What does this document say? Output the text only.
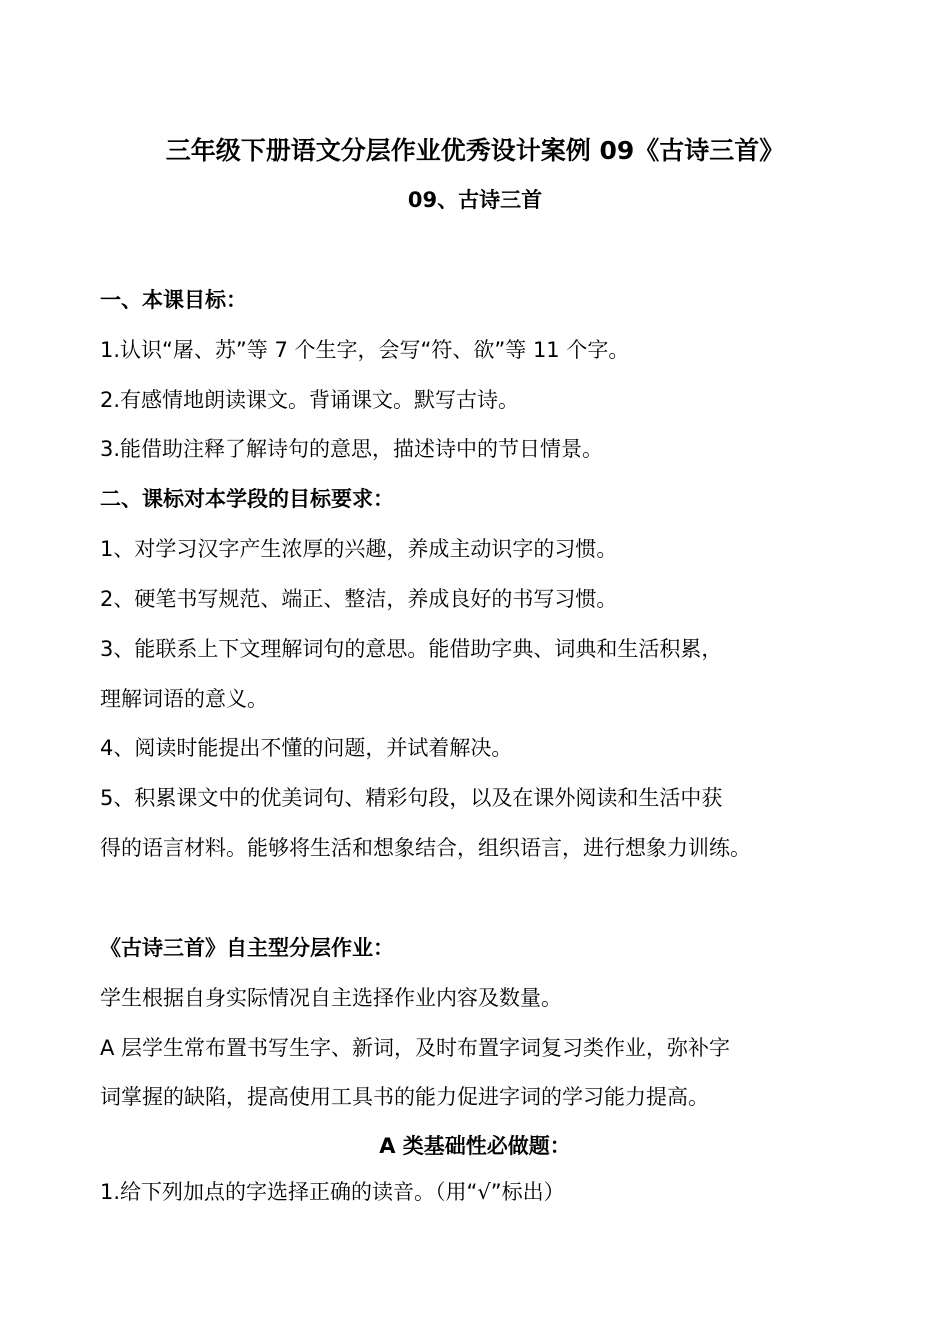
三年级下册语文分层作业优秀设计案例 09《古诗三首》
09、古诗三首
一、本课目标：
1.认识“屠、苏”等 7 个生字，会写“符、欲”等 11 个字。
2.有感情地朗读课文。背诵课文。默写古诗。
3.能借助注释了解诗句的意思，描述诗中的节日情景。
二、课标对本学段的目标要求：
1、对学习汉字产生浓厚的兴趣，养成主动识字的习惯。
2、硬笔书写规范、端正、整洁，养成良好的书写习惯。
3、能联系上下文理解词句的意思。能借助字典、词典和生活积累，
理解词语的意义。
4、阅读时能提出不懂的问题，并试着解决。
5、积累课文中的优美词句、精彩句段，以及在课外阅读和生活中获
得的语言材料。能够将生活和想象结合，组织语言，进行想象力训练。
《古诗三首》自主型分层作业：
学生根据自身实际情况自主选择作业内容及数量。
A 层学生常布置书写生字、新词，及时布置字词复习类作业，弥补字
词掌握的缺陷，提高使用工具书的能力促进字词的学习能力提高。
A 类基础性必做题：
1.给下列加点的字选择正确的读音。（用“√”标出）
